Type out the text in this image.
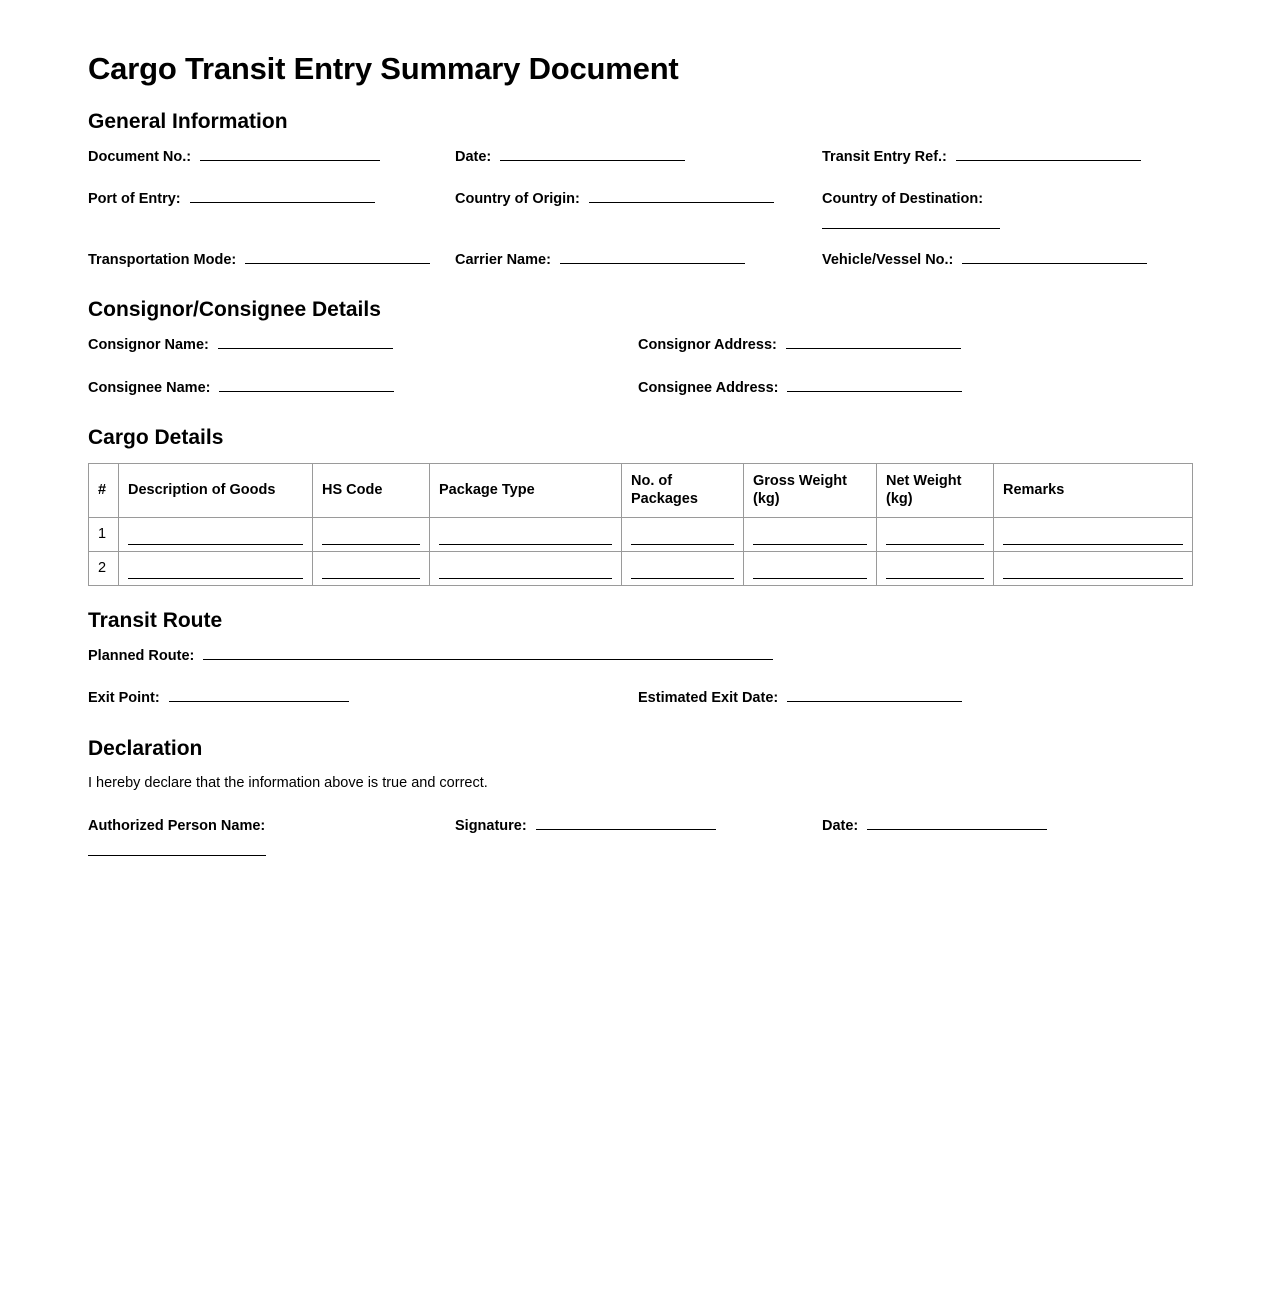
Cargo Transit Entry Summary Document
General Information
Document No.:	Date:	Transit Entry Ref.:
Port of Entry:	Country of Origin:	Country of Destination:
Transportation Mode:	Carrier Name:	Vehicle/Vessel No.:
Consignor/Consignee Details
Consignor Name:	Consignor Address:
Consignee Name:	Consignee Address:
Cargo Details
#	Description of Goods	HS Code	Package Type	No. of Packages	Gross Weight (kg)	Net Weight (kg)	Remarks
1	

2	

Transit Route
Planned Route:
Exit Point:	Estimated Exit Date:
Declaration

I hereby declare that the information above is true and correct.

Authorized Person Name:	Signature:	Date:
